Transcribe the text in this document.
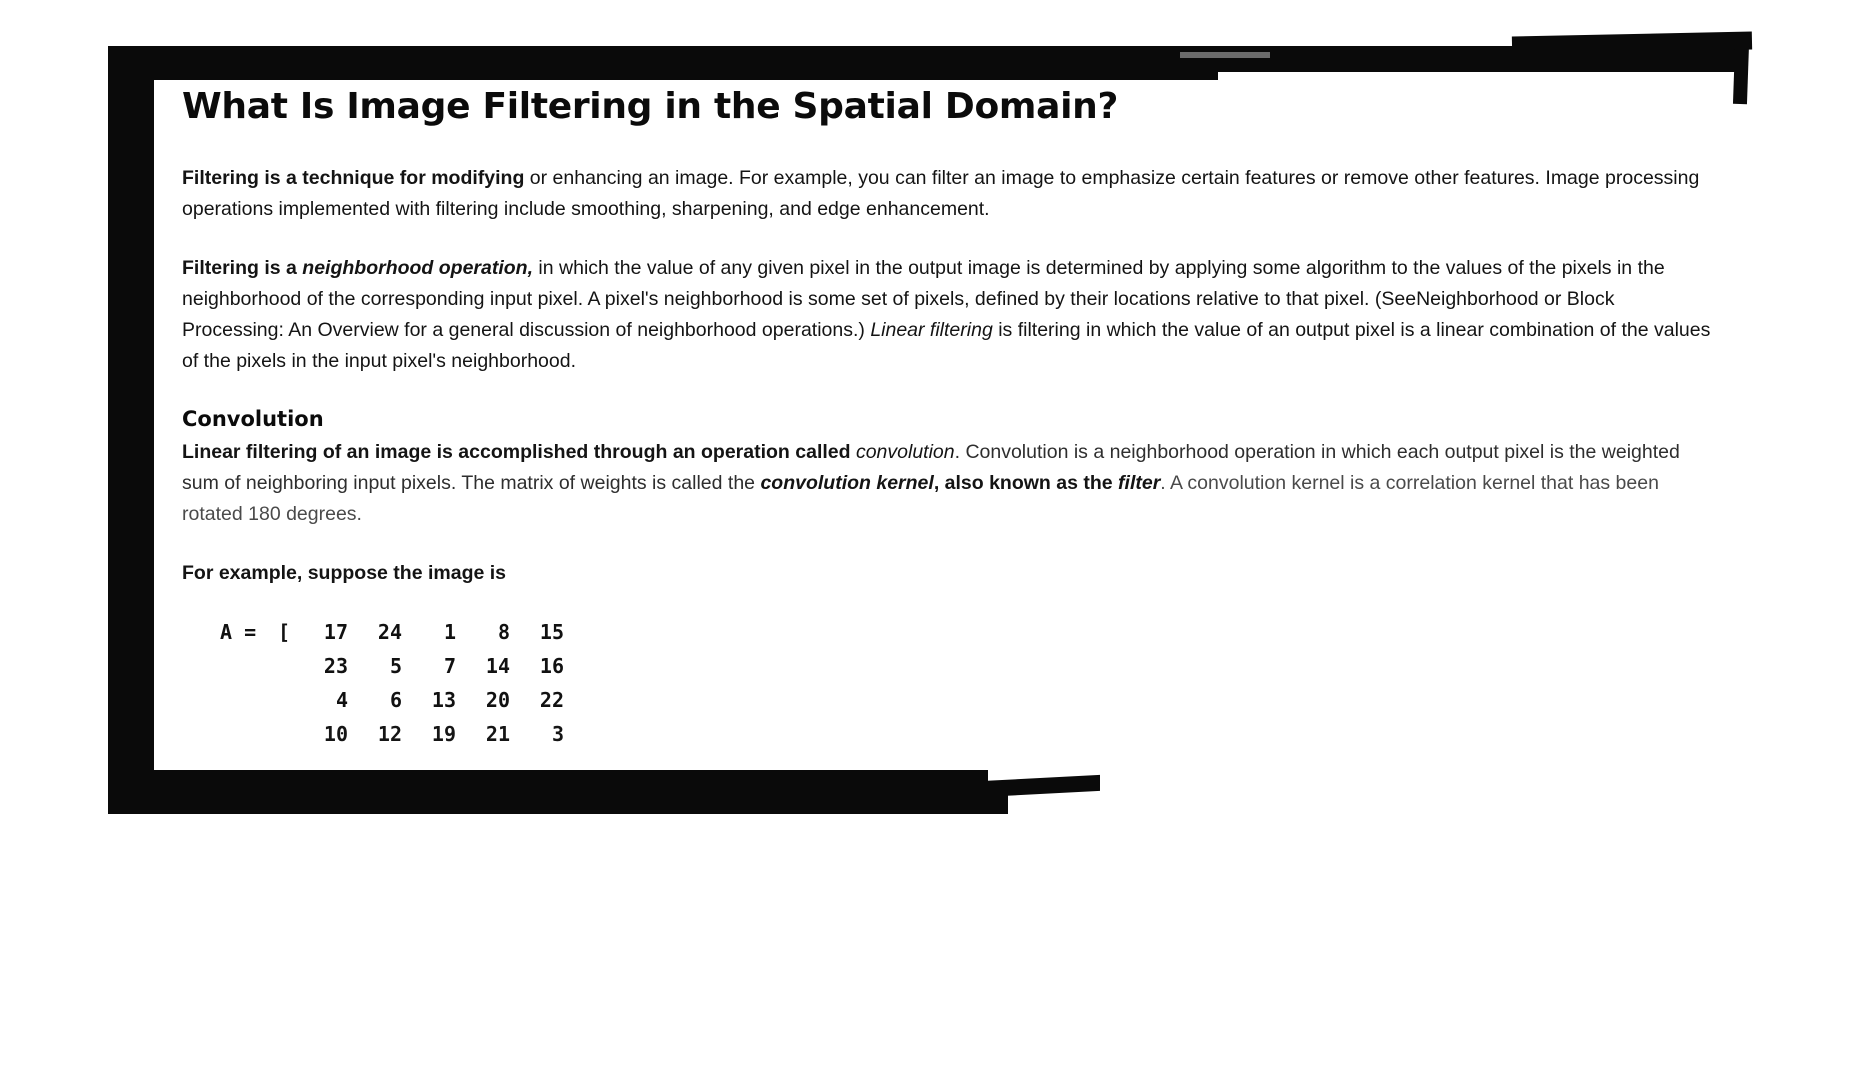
What Is Image Filtering in the Spatial Domain?

Filtering is a technique for modifying or enhancing an image. For example, you can filter an image to emphasize certain features or remove other features. Image processing operations implemented with filtering include smoothing, sharpening, and edge enhancement.

Filtering is a neighborhood operation, in which the value of any given pixel in the output image is determined by applying some algorithm to the values of the pixels in the neighborhood of the corresponding input pixel. A pixel's neighborhood is some set of pixels, defined by their locations relative to that pixel. (SeeNeighborhood or Block Processing: An Overview for a general discussion of neighborhood operations.) Linear filtering is filtering in which the value of an output pixel is a linear combination of the values of the pixels in the input pixel's neighborhood.

Convolution

Linear filtering of an image is accomplished through an operation called convolution. Convolution is a neighborhood operation in which each output pixel is the weighted sum of neighboring input pixels. The matrix of weights is called the convolution kernel, also known as the filter. A convolution kernel is a correlation kernel that has been rotated 180 degrees.

For example, suppose the image is

A =	[	17	24	1	8	15
23	5	7	14	16
4	6	13	20	22
10	12	19	21	3
